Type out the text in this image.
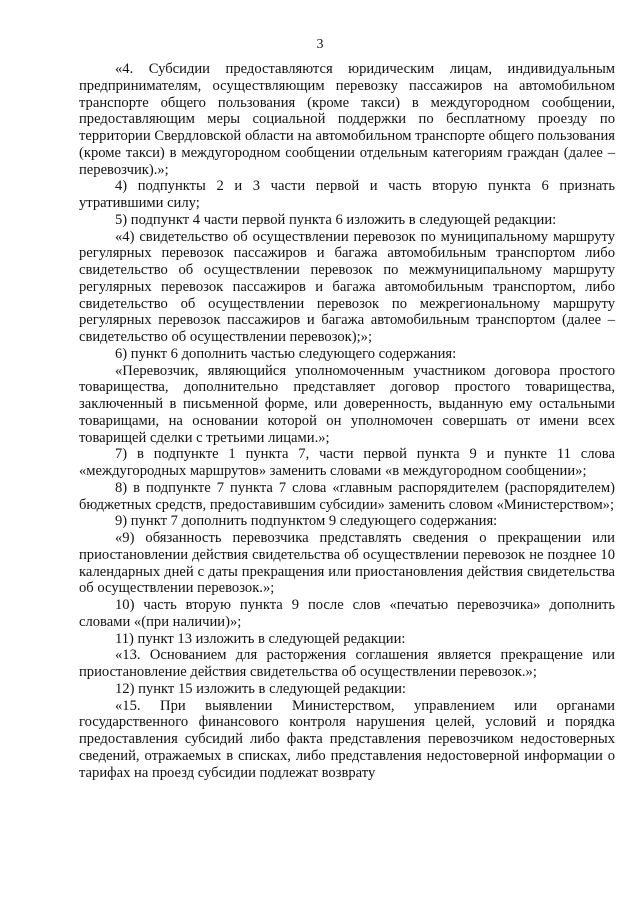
3

«4. Субсидии предоставляются юридическим лицам, индивидуальным предпринимателям, осуществляющим перевозку пассажиров на автомобильном транспорте общего пользования (кроме такси) в междугородном сообщении, предоставляющим меры социальной поддержки по бесплатному проезду по территории Свердловской области на автомобильном транспорте общего пользования (кроме такси) в междугородном сообщении отдельным категориям граждан (далее – перевозчик).»;

4) подпункты 2 и 3 части первой и часть вторую пункта 6 признать утратившими силу;

5) подпункт 4 части первой пункта 6 изложить в следующей редакции:

«4) свидетельство об осуществлении перевозок по муниципальному маршруту регулярных перевозок пассажиров и багажа автомобильным транспортом либо свидетельство об осуществлении перевозок по межмуниципальному маршруту регулярных перевозок пассажиров и багажа автомобильным транспортом, либо свидетельство об осуществлении перевозок по межрегиональному маршруту регулярных перевозок пассажиров и багажа автомобильным транспортом (далее – свидетельство об осуществлении перевозок);»;

6) пункт 6 дополнить частью следующего содержания:

«Перевозчик, являющийся уполномоченным участником договора простого товарищества, дополнительно представляет договор простого товарищества, заключенный в письменной форме, или доверенность, выданную ему остальными товарищами, на основании которой он уполномочен совершать от имени всех товарищей сделки с третьими лицами.»;

7) в подпункте 1 пункта 7, части первой пункта 9 и пункте 11 слова «междугородных маршрутов» заменить словами «в междугородном сообщении»;

8) в подпункте 7 пункта 7 слова «главным распорядителем (распорядителем) бюджетных средств, предоставившим субсидии» заменить словом «Министерством»;

9) пункт 7 дополнить подпунктом 9 следующего содержания:

«9) обязанность перевозчика представлять сведения о прекращении или приостановлении действия свидетельства об осуществлении перевозок не позднее 10 календарных дней с даты прекращения или приостановления действия свидетельства об осуществлении перевозок.»;

10) часть вторую пункта 9 после слов «печатью перевозчика» дополнить словами «(при наличии)»;

11) пункт 13 изложить в следующей редакции:

«13. Основанием для расторжения соглашения является прекращение или приостановление действия свидетельства об осуществлении перевозок.»;

12) пункт 15 изложить в следующей редакции:

«15. При выявлении Министерством, управлением или органами государственного финансового контроля нарушения целей, условий и порядка предоставления субсидий либо факта представления перевозчиком недостоверных сведений, отражаемых в списках, либо представления недостоверной информации о тарифах на проезд субсидии подлежат возврату
